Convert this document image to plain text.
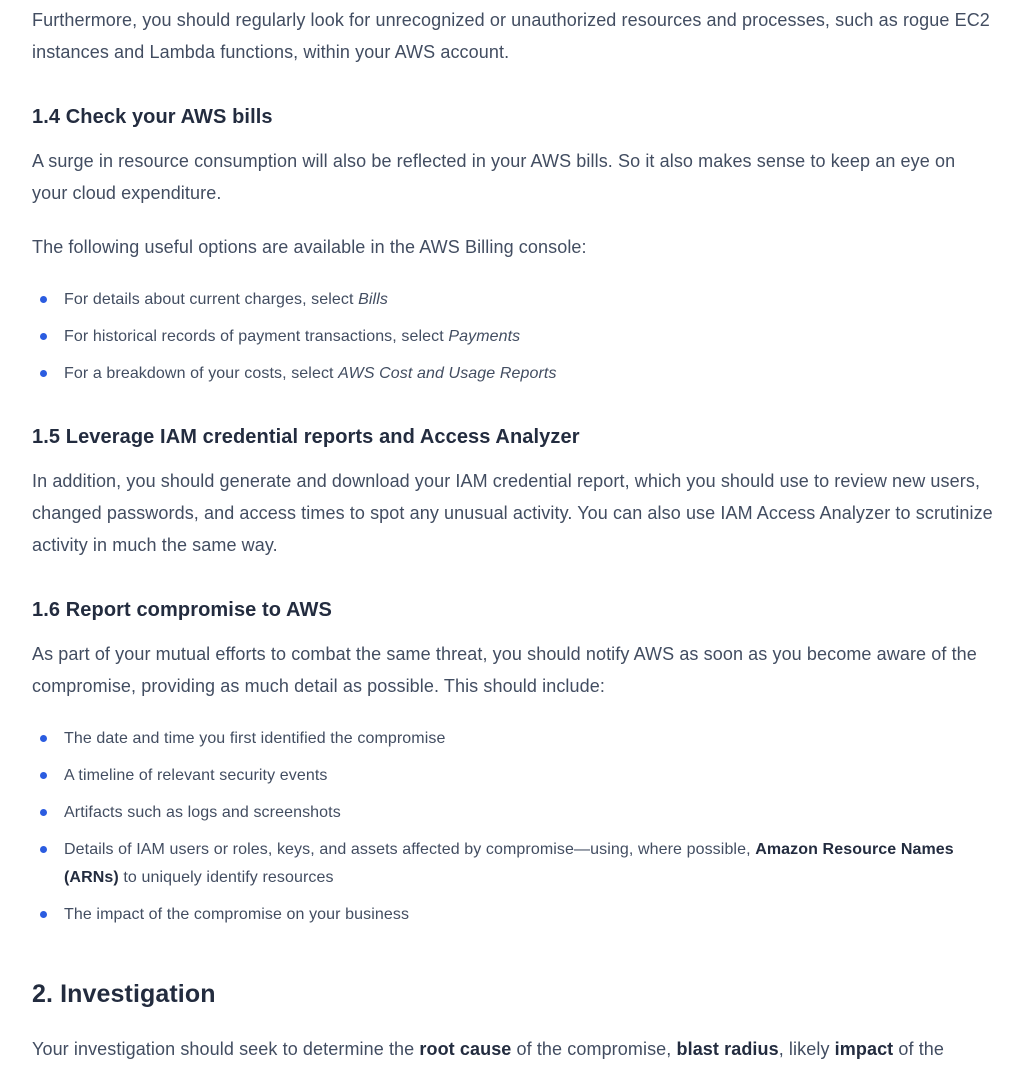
Furthermore, you should regularly look for unrecognized or unauthorized resources and processes, such as rogue EC2 instances and Lambda functions, within your AWS account.

1.4 Check your AWS bills

A surge in resource consumption will also be reflected in your AWS bills. So it also makes sense to keep an eye on your cloud expenditure.

The following useful options are available in the AWS Billing console:

For details about current charges, select Bills
For historical records of payment transactions, select Payments
For a breakdown of your costs, select AWS Cost and Usage Reports
1.5 Leverage IAM credential reports and Access Analyzer

In addition, you should generate and download your IAM credential report, which you should use to review new users, changed passwords, and access times to spot any unusual activity. You can also use IAM Access Analyzer to scrutinize activity in much the same way.

1.6 Report compromise to AWS

As part of your mutual efforts to combat the same threat, you should notify AWS as soon as you become aware of the compromise, providing as much detail as possible. This should include:

The date and time you first identified the compromise
A timeline of relevant security events
Artifacts such as logs and screenshots
Details of IAM users or roles, keys, and assets affected by compromise—using, where possible, Amazon Resource Names (ARNs) to uniquely identify resources
The impact of the compromise on your business
2. Investigation

Your investigation should seek to determine the root cause of the compromise, blast radius, likely impact of the
